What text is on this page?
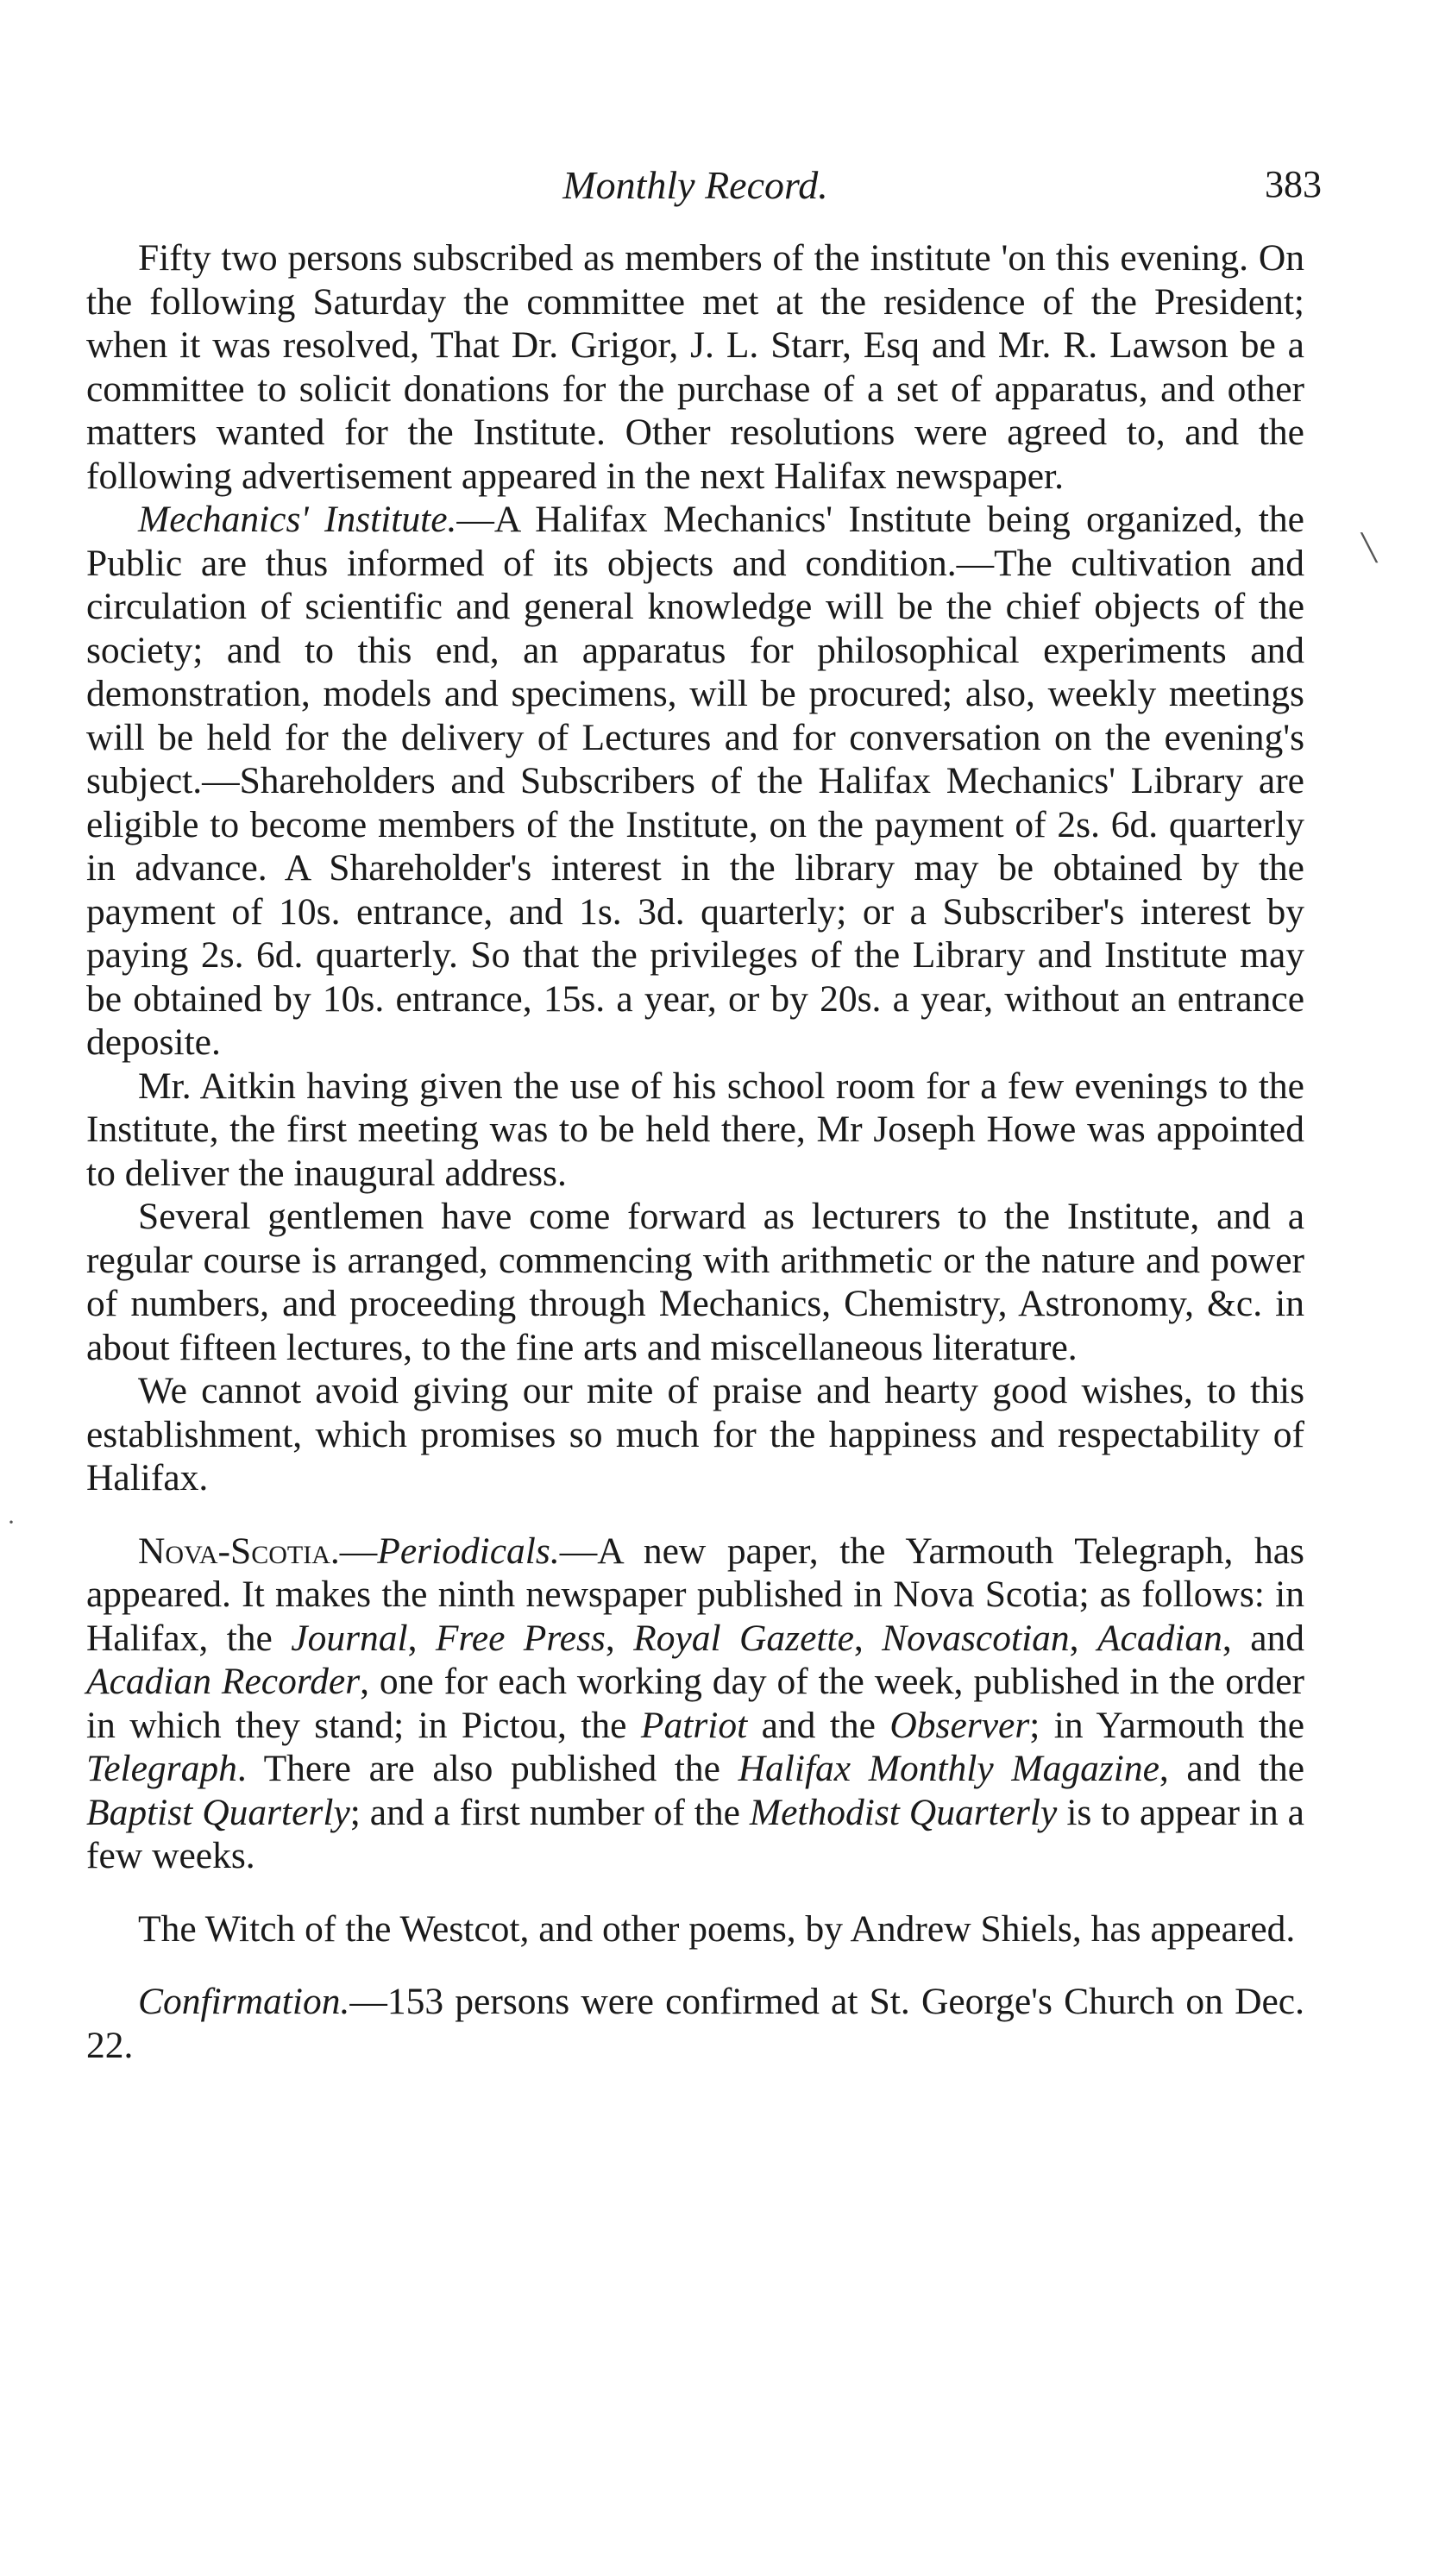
Monthly Record.	383

Fifty two persons subscribed as members of the institute 'on this evening. On the following Saturday the committee met at the residence of the President; when it was resolved, That Dr. Grigor, J. L. Starr, Esq and Mr. R. Lawson be a committee to solicit donations for the purchase of a set of apparatus, and other matters wanted for the Institute. Other resolutions were agreed to, and the following advertisement appeared in the next Halifax newspaper.

Mechanics' Institute.—A Halifax Mechanics' Institute being organized, the Public are thus informed of its objects and condition.—The cultivation and circulation of scientific and general knowledge will be the chief objects of the society; and to this end, an apparatus for philosophical experiments and demonstration, models and specimens, will be procured; also, weekly meetings will be held for the delivery of Lectures and for conversation on the evening's subject.—Shareholders and Subscribers of the Halifax Mechanics' Library are eligible to become members of the Institute, on the payment of 2s. 6d. quarterly in advance. A Shareholder's interest in the library may be obtained by the payment of 10s. entrance, and 1s. 3d. quarterly; or a Subscriber's interest by paying 2s. 6d. quarterly. So that the privileges of the Library and Institute may be obtained by 10s. entrance, 15s. a year, or by 20s. a year, without an entrance deposite.

Mr. Aitkin having given the use of his school room for a few evenings to the Institute, the first meeting was to be held there, Mr Joseph Howe was appointed to deliver the inaugural address.

Several gentlemen have come forward as lecturers to the Institute, and a regular course is arranged, commencing with arithmetic or the nature and power of numbers, and proceeding through Mechanics, Chemistry, Astronomy, &c. in about fifteen lectures, to the fine arts and miscellaneous literature.

We cannot avoid giving our mite of praise and hearty good wishes, to this establishment, which promises so much for the happiness and respectability of Halifax.

Nova-Scotia.—Periodicals.—A new paper, the Yarmouth Telegraph, has appeared. It makes the ninth newspaper published in Nova Scotia; as follows: in Halifax, the Journal, Free Press, Royal Gazette, Novascotian, Acadian, and Acadian Recorder, one for each working day of the week, published in the order in which they stand; in Pictou, the Patriot and the Observer; in Yarmouth the Telegraph. There are also published the Halifax Monthly Magazine, and the Baptist Quarterly; and a first number of the Methodist Quarterly is to appear in a few weeks.

The Witch of the Westcot, and other poems, by Andrew Shiels, has appeared.

Confirmation.—153 persons were confirmed at St. George's Church on Dec. 22.

╲
·
